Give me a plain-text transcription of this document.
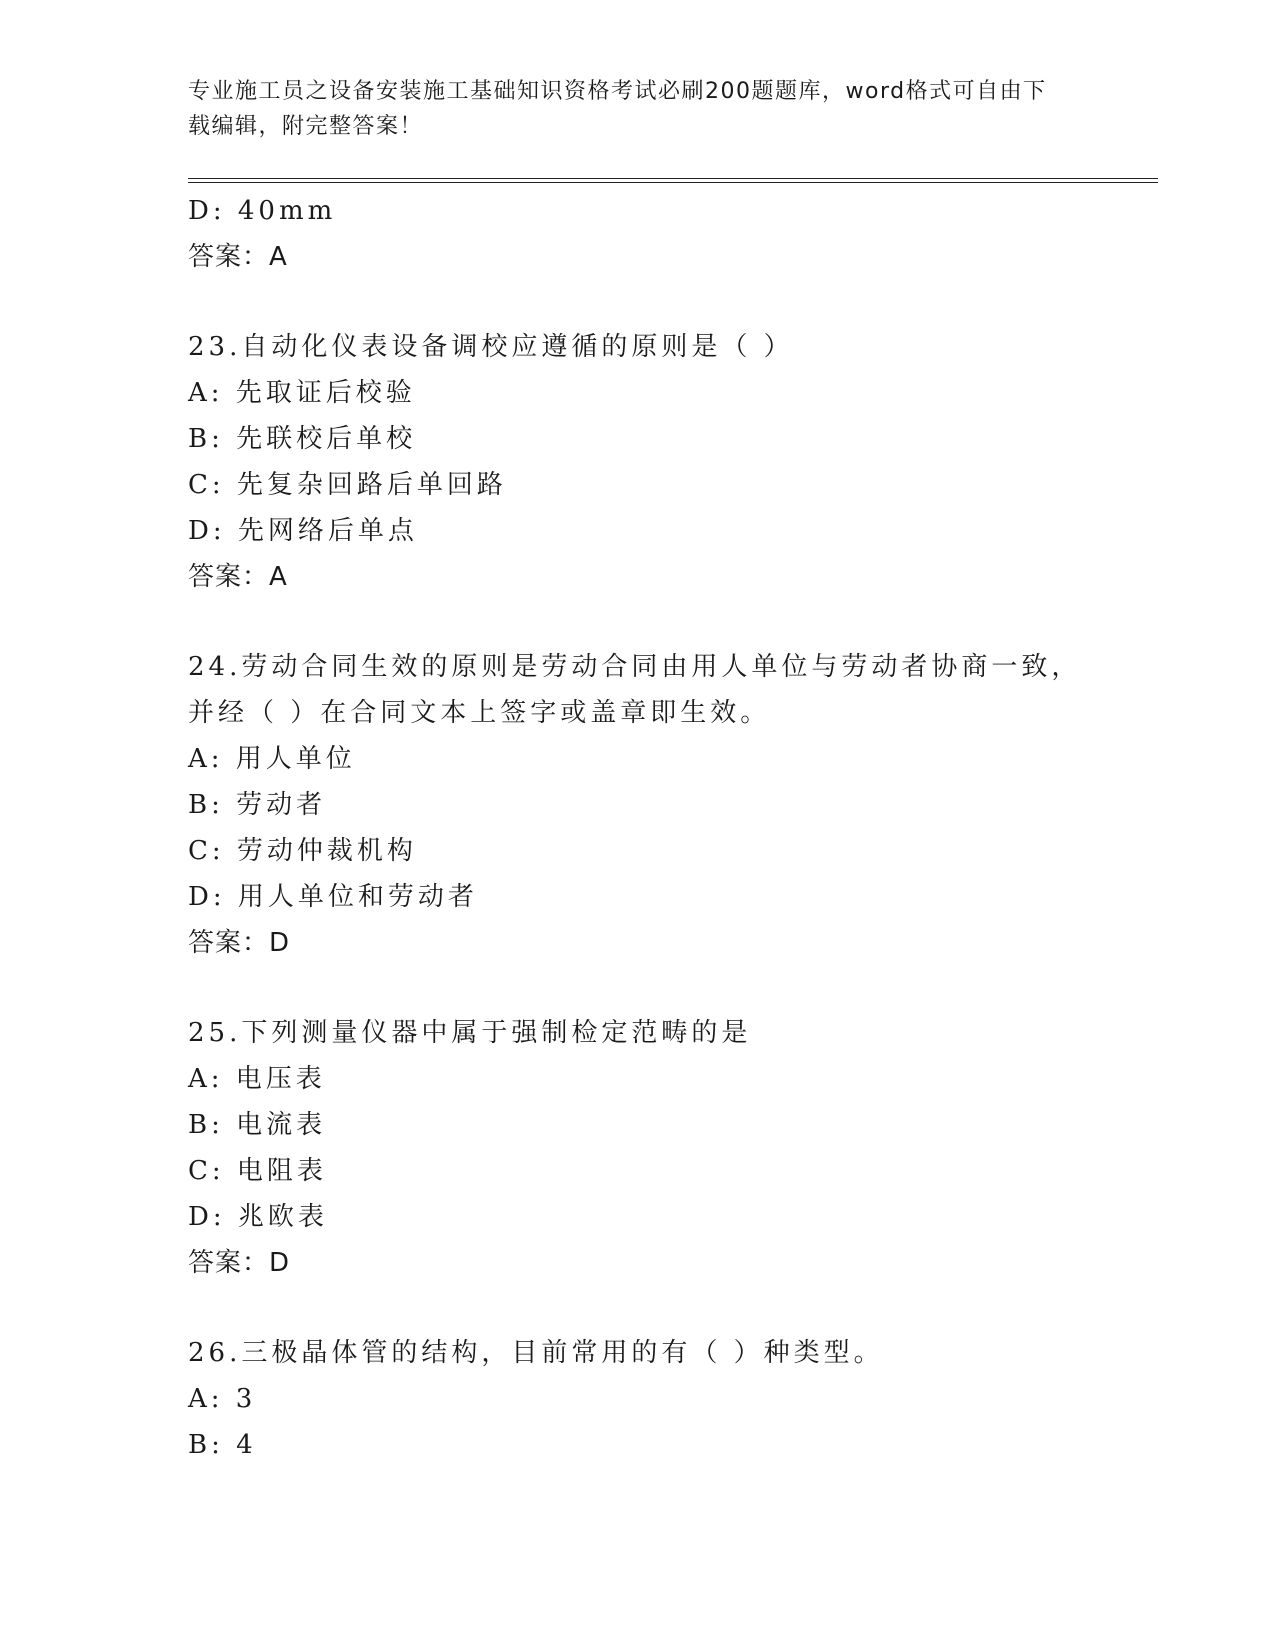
专业施工员之设备安装施工基础知识资格考试必刷200题题库，word格式可自由下载编辑，附完整答案！
D: 40mm
答案：A
23.自动化仪表设备调校应遵循的原则是（ ）
A: 先取证后校验
B: 先联校后单校
C: 先复杂回路后单回路
D: 先网络后单点
答案：A
24.劳动合同生效的原则是劳动合同由用人单位与劳动者协商一致，并经（ ）在合同文本上签字或盖章即生效。
A: 用人单位
B: 劳动者
C: 劳动仲裁机构
D: 用人单位和劳动者
答案：D
25.下列测量仪器中属于强制检定范畴的是
A: 电压表
B: 电流表
C: 电阻表
D: 兆欧表
答案：D
26.三极晶体管的结构，目前常用的有（ ）种类型。
A: 3
B: 4
